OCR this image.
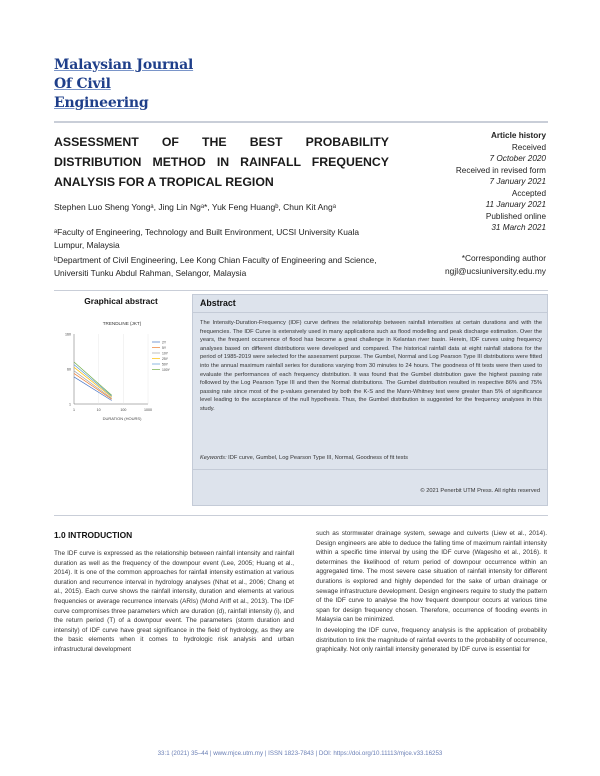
Malaysian Journal
Of Civil
Engineering
ASSESSMENT OF THE BEST PROBABILITY DISTRIBUTION METHOD IN RAINFALL FREQUENCY ANALYSIS FOR A TROPICAL REGION
Stephen Luo Sheng Yongᵃ, Jing Lin Ngᵃ*, Yuk Feng Huangᵇ, Chun Kit Angᵃ

ᵃFaculty of Engineering, Technology and Built Environment, UCSI University Kuala Lumpur, Malaysia

ᵇDepartment of Civil Engineering, Lee Kong Chian Faculty of Engineering and Science, Universiti Tunku Abdul Rahman, Selangor, Malaysia

Article history
Received
7 October 2020
Received in revised form
7 January 2021
Accepted
11 January 2021
Published online
31 March 2021
*Corresponding author
ngjl@ucsiuniversity.edu.my
Graphical abstract
TRENDLINE (JKT)
160
60
1
1	10	100	1000
2Y
5Y
10Y
25Y
50Y
100Y
DURATION (HOURS)
Abstract
The Intensity-Duration-Frequency (IDF) curve defines the relationship between rainfall intensities at certain durations and with the frequencies. The IDF Curve is extensively used in many applications such as flood modelling and peak discharge estimation. Over the years, the frequent occurrence of flood has become a great challenge in Kelantan river basin. Herein, IDF curves using frequency analyses based on different distributions were developed and compared. The historical rainfall data at eight rainfall stations for the period of 1985-2019 were selected for the assessment purpose. The Gumbel, Normal and Log Pearson Type III distributions were fitted into the annual maximum rainfall series for durations varying from 30 minutes to 24 hours. The goodness of fit tests were then used to evaluate the performances of each frequency distribution. It was found that the Gumbel distribution gave the highest passing rate followed by the Log Pearson Type III and then the Normal distributions. The Gumbel distribution resulted in respective 86% and 75% passing rate since most of the p-values generated by both the K-S and the Mann-Whitney test were greater than 5% of significance level leading to the acceptance of the null hypothesis. Thus, the Gumbel distribution is suggested for the frequency analyses in this study.
Keywords: IDF curve, Gumbel, Log Pearson Type III, Normal, Goodness of fit tests
© 2021 Penerbit UTM Press. All rights reserved
1.0 INTRODUCTION

The IDF curve is expressed as the relationship between rainfall intensity and rainfall duration as well as the frequency of the downpour event (Lee, 2005; Huang et al., 2014). It is one of the common approaches for rainfall intensity estimation at various duration and recurrence interval in hydrology analyses (Nhat et al., 2006; Chang et al., 2015). Each curve shows the rainfall intensity, duration and elements at various frequencies or average recurrence intervals (ARIs) (Mohd Ariff et al., 2013). The IDF curve compromises three parameters which are duration (d), rainfall intensity (i), and the return period (T) of a downpour event. The parameters (storm duration and intensity) of IDF curve have great significance in the field of hydrology, as they are the basic elements when it comes to hydrologic risk analysis and urban infrastructural development

such as stormwater drainage system, sewage and culverts (Liew et al., 2014). Design engineers are able to deduce the falling time of maximum rainfall intensity within a specific time interval by using the IDF curve (Wagesho et al., 2016). It determines the likelihood of return period of downpour occurrence within an aggregated time. The most severe case situation of rainfall intensity for different durations is explored and highly depended for the sake of urban drainage or sewage infrastructure development. Design engineers require to study the pattern of the IDF curve to analyse the how frequent downpour occurs at various time span for design frequency chosen. Therefore, occurrence of flooding events in Malaysia can be minimized.

In developing the IDF curve, frequency analysis is the application of probability distribution to link the magnitude of rainfall events to the probability of occurrence, graphically. Not only rainfall intensity generated by IDF curve is essential for

33:1 (2021) 35–44 | www.mjce.utm.my | ISSN 1823-7843 | DOI: https://doi.org/10.11113/mjce.v33.16253
